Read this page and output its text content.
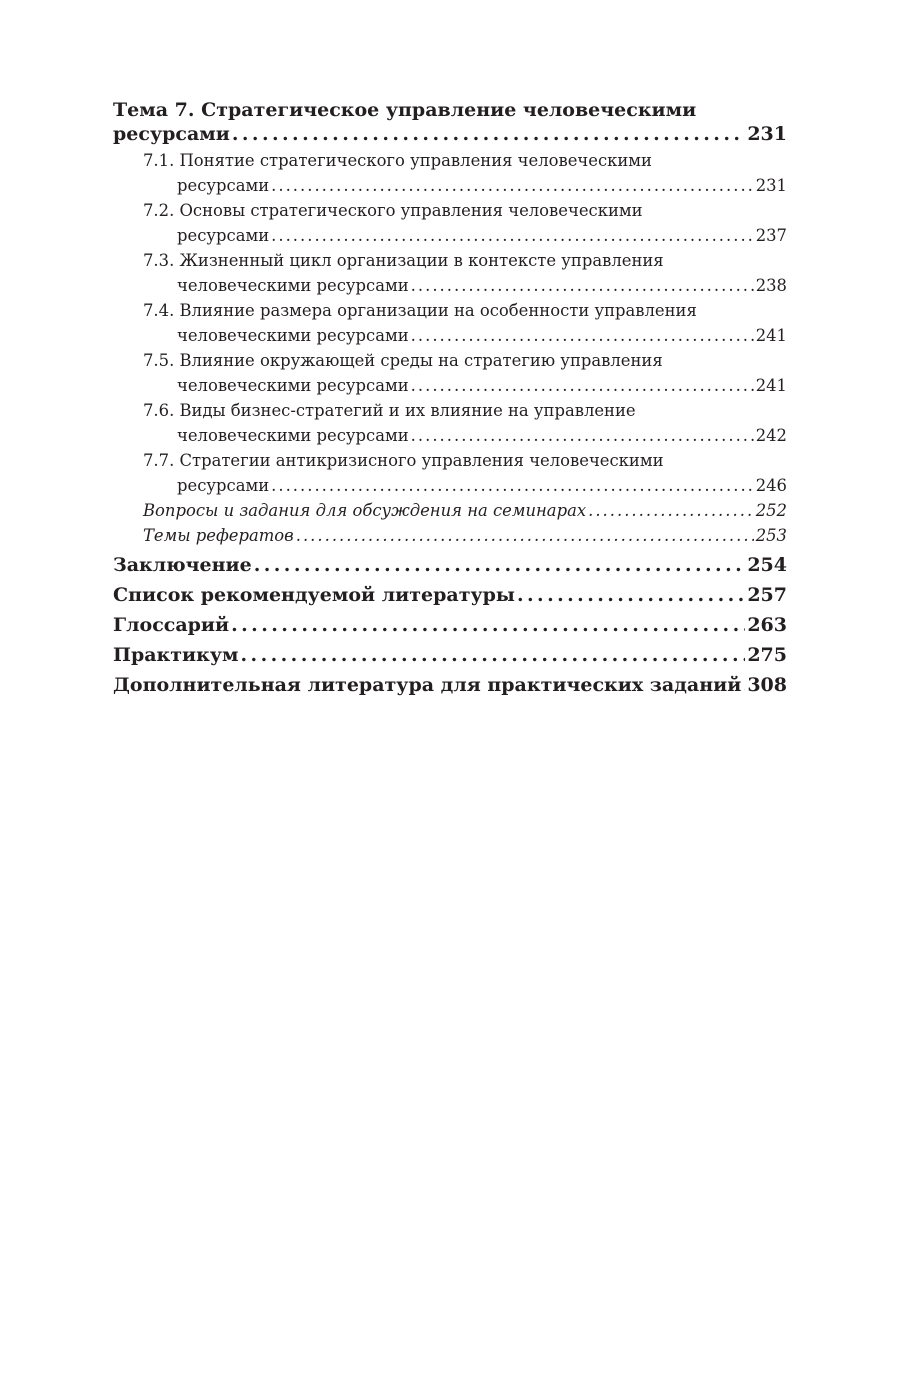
Тема 7. Стратегическое управление человеческими
ресурсами . . .	231
7.1. Понятие стратегического управления человеческими
ресурсами . . .	231
7.2. Основы стратегического управления человеческими
ресурсами . . .	237
7.3. Жизненный цикл организации в контексте управления
человеческими ресурсами . . .	238
7.4. Влияние размера организации на особенности управления
человеческими ресурсами . . .	241
7.5. Влияние окружающей среды на стратегию управления
человеческими ресурсами . . .	241
7.6. Виды бизнес-стратегий и их влияние на управление
человеческими ресурсами . . .	242
7.7. Стратегии антикризисного управления человеческими
ресурсами . . .	246
Вопросы и задания для обсуждения на семинарах . . .	252
Темы рефератов . . .	253
Заключение . . .	254
Список рекомендуемой литературы . . .	257
Глоссарий . . .	263
Практикум . . .	275
Дополнительная литература для практических заданий . . . 308
